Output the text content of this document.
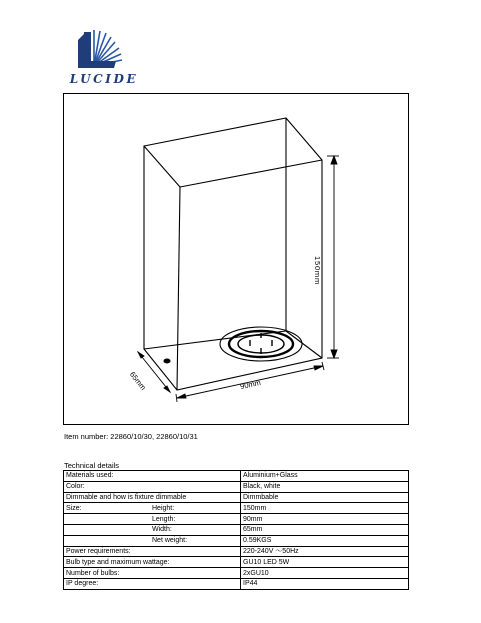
LUCIDE
150mm
90mm
65mm
Item number: 22860/10/30, 22860/10/31
Technical details
Materials used:	Aluminium+Glass
Color:	Black, white
Dimmable and how is fixture dimmable	Dimmbable
Size: Height:	150mm
Length:	90mm
Width:	65mm
Net weight:	0.59KGS
Power requirements:	220-240V ～50Hz
Bulb type and maximum wattage:	GU10 LED 5W
Number of bulbs:	2xGU10
IP degree:	IP44
